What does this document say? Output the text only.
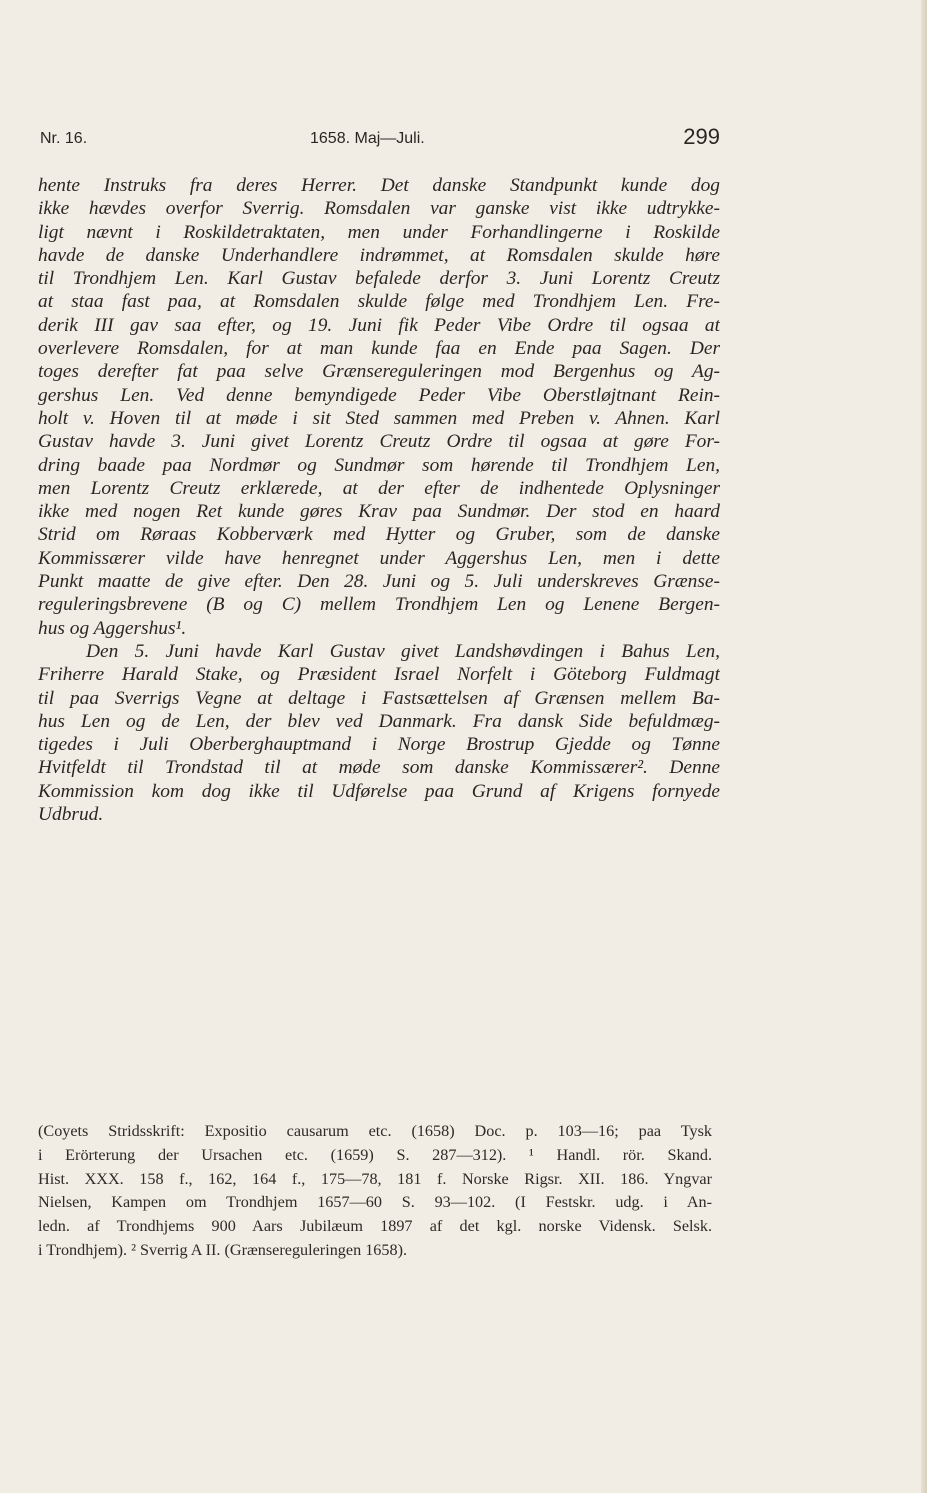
Nr. 16.	1658. Maj—Juli.	299
hente Instruks fra deres Herrer. Det danske Standpunkt kunde dog
ikke hævdes overfor Sverrig. Romsdalen var ganske vist ikke udtrykke-
ligt nævnt i Roskildetraktaten, men under Forhandlingerne i Roskilde
havde de danske Underhandlere indrømmet, at Romsdalen skulde høre
til Trondhjem Len. Karl Gustav befalede derfor 3. Juni Lorentz Creutz
at staa fast paa, at Romsdalen skulde følge med Trondhjem Len. Fre-
derik III gav saa efter, og 19. Juni fik Peder Vibe Ordre til ogsaa at
overlevere Romsdalen, for at man kunde faa en Ende paa Sagen. Der
toges derefter fat paa selve Grænsereguleringen mod Bergenhus og Ag-
gershus Len. Ved denne bemyndigede Peder Vibe Oberstløjtnant Rein-
holt v. Hoven til at møde i sit Sted sammen med Preben v. Ahnen. Karl
Gustav havde 3. Juni givet Lorentz Creutz Ordre til ogsaa at gøre For-
dring baade paa Nordmør og Sundmør som hørende til Trondhjem Len,
men Lorentz Creutz erklærede, at der efter de indhentede Oplysninger
ikke med nogen Ret kunde gøres Krav paa Sundmør. Der stod en haard
Strid om Røraas Kobberværk med Hytter og Gruber, som de danske
Kommissærer vilde have henregnet under Aggershus Len, men i dette
Punkt maatte de give efter. Den 28. Juni og 5. Juli underskreves Grænse-
reguleringsbrevene (B og C) mellem Trondhjem Len og Lenene Bergen-
hus og Aggershus¹.
Den 5. Juni havde Karl Gustav givet Landshøvdingen i Bahus Len,
Friherre Harald Stake, og Præsident Israel Norfelt i Göteborg Fuldmagt
til paa Sverrigs Vegne at deltage i Fastsættelsen af Grænsen mellem Ba-
hus Len og de Len, der blev ved Danmark. Fra dansk Side befuldmæg-
tigedes i Juli Oberberghauptmand i Norge Brostrup Gjedde og Tønne
Hvitfeldt til Trondstad til at møde som danske Kommissærer². Denne
Kommission kom dog ikke til Udførelse paa Grund af Krigens fornyede
Udbrud.
(Coyets Stridsskrift: Expositio causarum etc. (1658) Doc. p. 103—16; paa Tysk
i Erörterung der Ursachen etc. (1659) S. 287—312). ¹ Handl. rör. Skand.
Hist. XXX. 158 f., 162, 164 f., 175—78, 181 f. Norske Rigsr. XII. 186. Yngvar
Nielsen, Kampen om Trondhjem 1657—60 S. 93—102. (I Festskr. udg. i An-
ledn. af Trondhjems 900 Aars Jubilæum 1897 af det kgl. norske Vidensk. Selsk.
i Trondhjem). ² Sverrig A II. (Grænsereguleringen 1658).
